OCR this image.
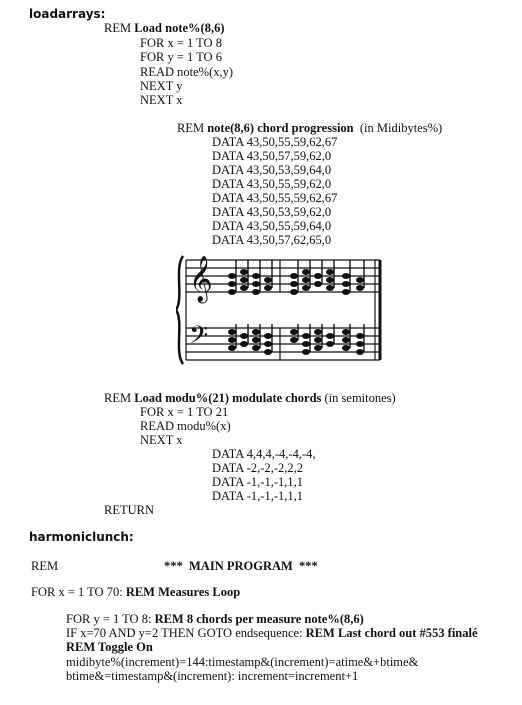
loadarrays:
REM Load note%(8,6)
FOR x = 1 TO 8
FOR y = 1 TO 6
READ note%(x,y)
NEXT y
NEXT x
REM note(8,6) chord progression  (in Midibytes%)
DATA 43,50,55,59,62,67
DATA 43,50,57,59,62,0
DATA 43,50,53,59,64,0
DATA 43,50,55,59,62,0
DATA 43,50,55,59,62,67
DATA 43,50,53,59,62,0
DATA 43,50,55,59,64,0
DATA 43,50,57,62,65,0
𝄞
𝄢
REM Load modu%(21) modulate chords (in semitones)
FOR x = 1 TO 21
READ modu%(x)
NEXT x
DATA 4,4,4,-4,-4,-4,
DATA -2,-2,-2,2,2
DATA -1,-1,-1,1,1
DATA -1,-1,-1,1,1
RETURN
harmoniclunch:
REM	***  MAIN PROGRAM  ***
FOR x = 1 TO 70: REM Measures Loop
FOR y = 1 TO 8: REM 8 chords per measure note%(8,6)
IF x=70 AND y=2 THEN GOTO endsequence: REM Last chord out #553 finalé
REM Toggle On
midibyte%(increment)=144:timestamp&(increment)=atime&+btime&
btime&=timestamp&(increment): increment=increment+1
